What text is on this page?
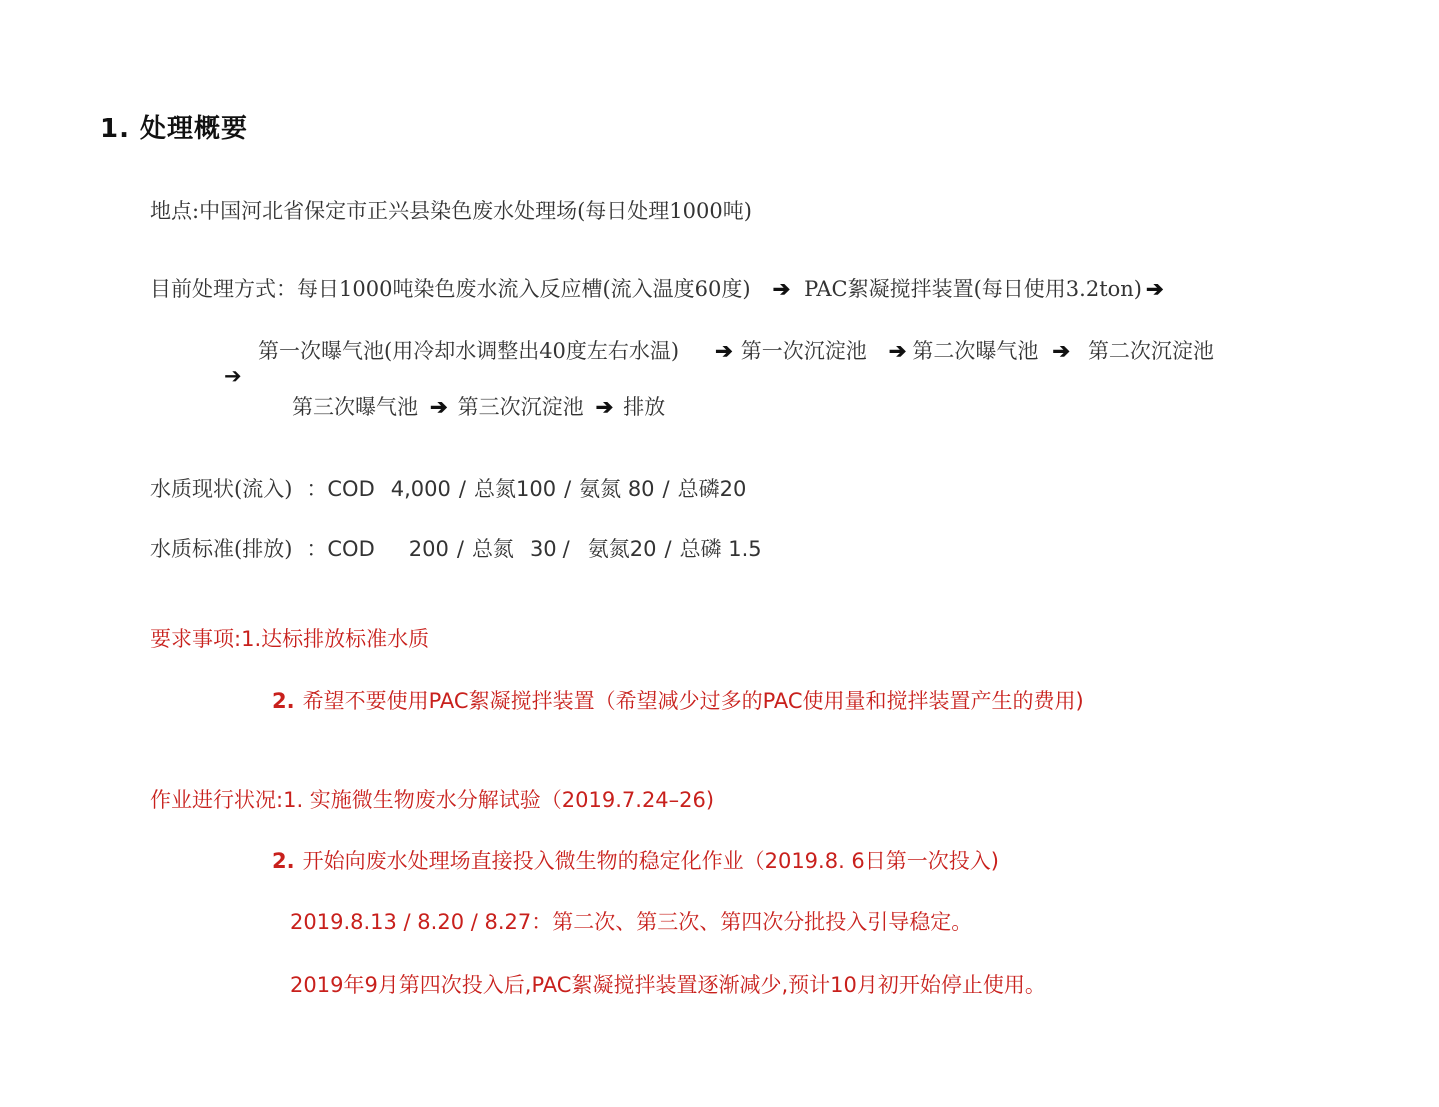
1. 处理概要
地点:中国河北省保定市正兴县染色废水处理场(每日处理1000吨)
目前处理方式：每日1000吨染色废水流入反应槽(流入温度60度) ➔ PAC絮凝搅拌装置(每日使用3.2ton) ➔
第一次曝气池(用冷却水调整出40度左右水温) ➔ 第一次沉淀池 ➔ 第二次曝气池 ➔ 第二次沉淀池
➔
第三次曝气池 ➔ 第三次沉淀池 ➔ 排放
水质现状(流入) ：COD 4,000 / 总氮100 / 氨氮 80 / 总磷20
水质标准(排放) ：COD 200 / 总氮 30 / 氨氮20 / 总磷 1.5
要求事项:1.达标排放标准水质
2. 希望不要使用PAC絮凝搅拌装置（希望减少过多的PAC使用量和搅拌装置产生的费用)
作业进行状况:1. 实施微生物废水分解试验（2019.7.24–26)
2. 开始向废水处理场直接投入微生物的稳定化作业（2019.8. 6日第一次投入)
2019.8.13 / 8.20 / 8.27：第二次、第三次、第四次分批投入引导稳定。
2019年9月第四次投入后,PAC絮凝搅拌装置逐渐减少,预计10月初开始停止使用。
